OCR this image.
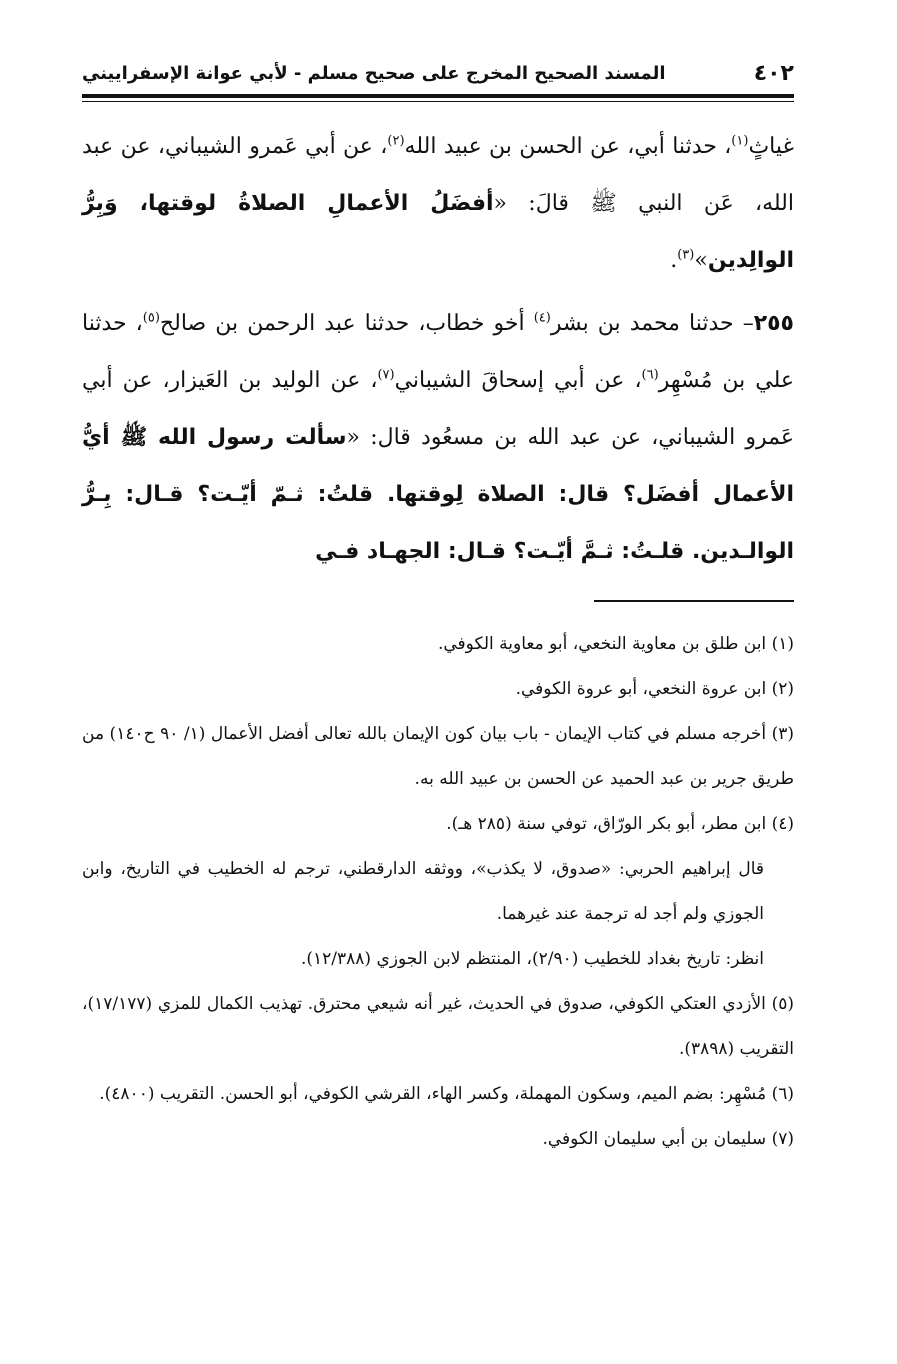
٤٠٢
المسند الصحيح المخرج على صحيح مسلم - لأبي عوانة الإسفراييني

غياثٍ$^{(١)}$، حدثنا أبي، عن الحسن بن عبيد الله$^{(٢)}$، عن أبي عَمرو الشيباني، عن عبد الله، عَن النبي ﷺ قالَ: «أفضَلُ الأعمالِ الصلاةُ لوقتها، وَبِرُّ الوالِدين»$^{(٣)}$.

٢٥٥– حدثنا محمد بن بشر$^{(٤)}$ أخو خطاب، حدثنا عبد الرحمن بن صالح$^{(٥)}$، حدثنا علي بن مُسْهِر$^{(٦)}$، عن أبي إسحاقَ الشيباني$^{(٧)}$، عن الوليد بن العَيزار، عن أبي عَمرو الشيباني، عن عبد الله بن مسعُود قال: «سألت رسول الله ﷺ أيُّ الأعمال أفضَل؟ قال: الصلاة لِوقتها. قلتُ: ثـمّ أيّـت؟ قـال: بِـرُّ الوالـدين. قلـتُ: ثـمَّ أيّـت؟ قـال: الجهـاد فـي

(١) ابن طلق بن معاوية النخعي، أبو معاوية الكوفي.

(٢) ابن عروة النخعي، أبو عروة الكوفي.

(٣) أخرجه مسلم في كتاب الإيمان - باب بيان كون الإيمان بالله تعالى أفضل الأعمال (١/ ٩٠ ح١٤٠) من طريق جرير بن عبد الحميد عن الحسن بن عبيد الله به.

(٤) ابن مطر، أبو بكر الورّاق، توفي سنة (٢٨٥ هـ).

قال إبراهيم الحربي: «صدوق، لا يكذب»، ووثقه الدارقطني، ترجم له الخطيب في التاريخ، وابن الجوزي ولم أجد له ترجمة عند غيرهما.

انظر: تاريخ بغداد للخطيب (٢/٩٠)، المنتظم لابن الجوزي (١٢/٣٨٨).

(٥) الأزدي العتكي الكوفي، صدوق في الحديث، غير أنه شيعي محترق. تهذيب الكمال للمزي (١٧/١٧٧)، التقريب (٣٨٩٨).

(٦) مُسْهِر: بضم الميم، وسكون المهملة، وكسر الهاء، القرشي الكوفي، أبو الحسن. التقريب (٤٨٠٠).

(٧) سليمان بن أبي سليمان الكوفي.
